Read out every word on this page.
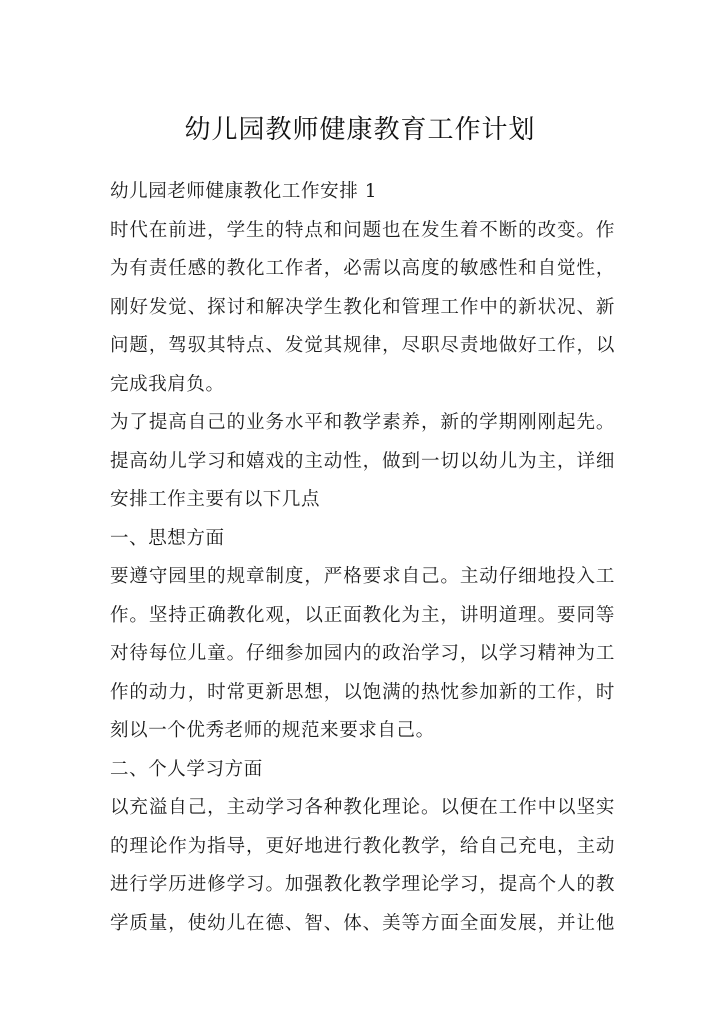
幼儿园教师健康教育工作计划
幼儿园老师健康教化工作安排 1
时代在前进，学生的特点和问题也在发生着不断的改变。作
为有责任感的教化工作者，必需以高度的敏感性和自觉性，
刚好发觉、探讨和解决学生教化和管理工作中的新状况、新
问题，驾驭其特点、发觉其规律，尽职尽责地做好工作，以
完成我肩负。
为了提高自己的业务水平和教学素养，新的学期刚刚起先。
提高幼儿学习和嬉戏的主动性，做到一切以幼儿为主，详细
安排工作主要有以下几点
一、思想方面
要遵守园里的规章制度，严格要求自己。主动仔细地投入工
作。坚持正确教化观，以正面教化为主，讲明道理。要同等
对待每位儿童。仔细参加园内的政治学习，以学习精神为工
作的动力，时常更新思想，以饱满的热忱参加新的工作，时
刻以一个优秀老师的规范来要求自己。
二、个人学习方面
以充溢自己，主动学习各种教化理论。以便在工作中以坚实
的理论作为指导，更好地进行教化教学，给自己充电，主动
进行学历进修学习。加强教化教学理论学习，提高个人的教
学质量，使幼儿在德、智、体、美等方面全面发展，并让他
